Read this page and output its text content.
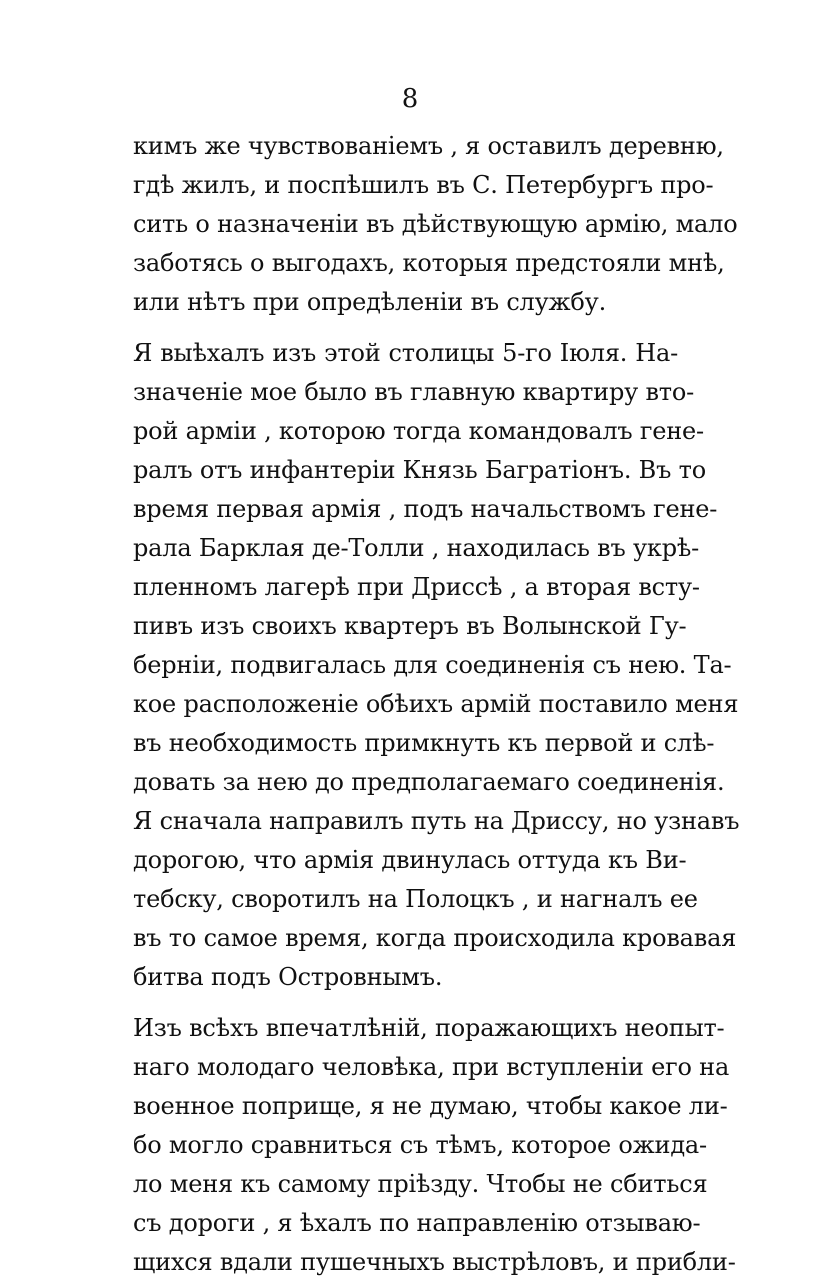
8
кимъ же чувствованіемъ , я оставилъ деревню,
гдѣ жилъ, и поспѣшилъ въ С. Петербургъ про-
сить о назначеніи въ дѣйствующую армію, мало
заботясь о выгодахъ, которыя предстояли мнѣ,
или нѣтъ при опредѣленіи въ службу.
Я выѣхалъ изъ этой столицы 5-го Іюля. На-
значеніе мое было въ главную квартиру вто-
рой арміи , которою тогда командовалъ гене-
ралъ отъ инфантеріи Князь Багратіонъ. Въ то
время первая армія , подъ начальствомъ гене-
рала Барклая де-Толли , находилась въ укрѣ-
пленномъ лагерѣ при Дриссѣ , а вторая всту-
пивъ изъ своихъ квартеръ въ Волынской Гу-
берніи, подвигалась для соединенія съ нею. Та-
кое расположеніе обѣихъ армій поставило меня
въ необходимость примкнуть къ первой и слѣ-
довать за нею до предполагаемаго соединенія.
Я сначала направилъ путь на Дриссу, но узнавъ
дорогою, что армія двинулась оттуда къ Ви-
тебску, своротилъ на Полоцкъ , и нагналъ ее
въ то самое время, когда происходила кровавая
битва подъ Островнымъ.
Изъ всѣхъ впечатлѣній, поражающихъ неопыт-
наго молодаго человѣка, при вступленіи его на
военное поприще, я не думаю, чтобы какое ли-
бо могло сравниться съ тѣмъ, которое ожида-
ло меня къ самому пріѣзду. Чтобы не сбиться
съ дороги , я ѣхалъ по направленію отзываю-
щихся вдали пушечныхъ выстрѣловъ, и прибли-
